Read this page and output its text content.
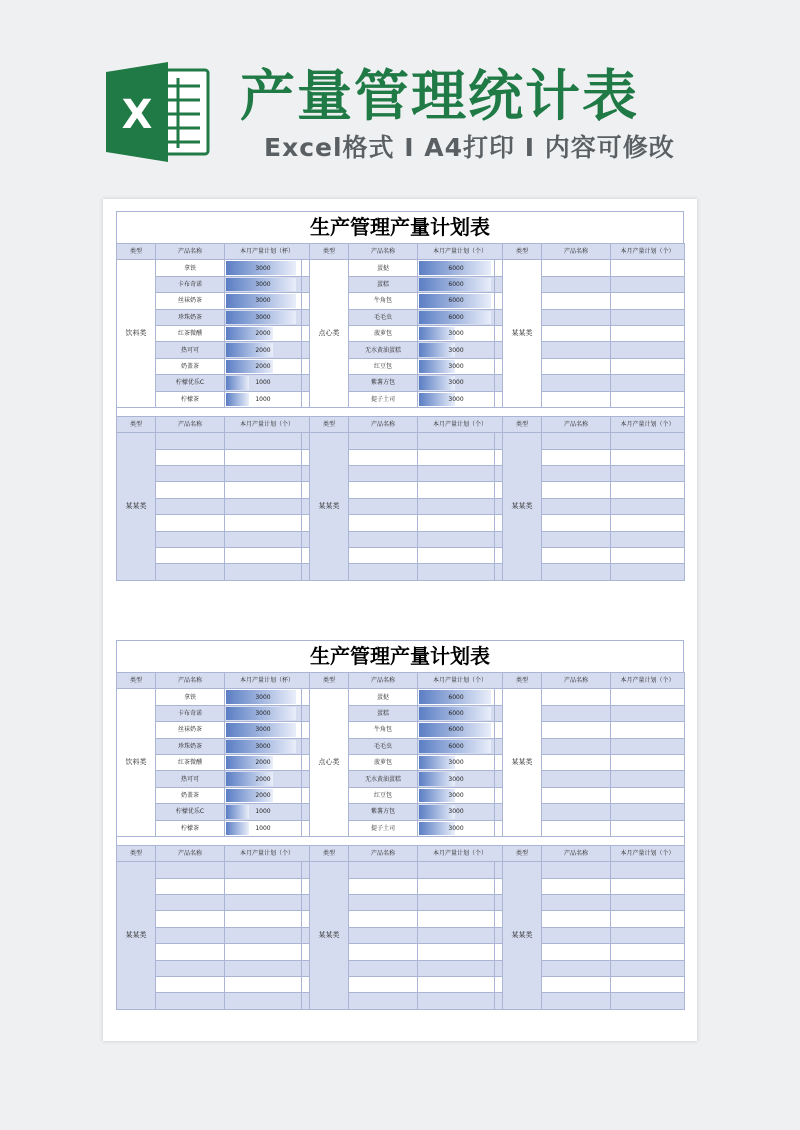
X 产量管理统计表
Excel格式 I A4打印 I 内容可修改
生产管理产量计划表
类型	产品名称	本月产量计划（杯）		类型	产品名称	本月产量计划（个）		类型	产品名称	本月产量计划（个）
饮料类	拿铁	3000		点心类	蛋挞	6000		某某类		
	卡布奇诺	3000			蛋糕	6000				
	丝袜奶茶	3000			牛角包	6000				
	珍珠奶茶	3000			毛毛虫	6000				
	红茶微醺	2000			菠萝包	3000				
	热可可	2000			无水黄油蛋糕	3000				
	奶盖茶	2000			红豆包	3000				
	柠檬优乐C	1000			紫薯方包	3000				
	柠檬茶	1000			提子土司	3000				

类型	产品名称	本月产量计划（个）		类型	产品名称	本月产量计划（个）		类型	产品名称	本月产量计划（个）
某某类				某某类				某某类		

生产管理产量计划表
类型	产品名称	本月产量计划（杯）		类型	产品名称	本月产量计划（个）		类型	产品名称	本月产量计划（个）
饮料类	拿铁	3000		点心类	蛋挞	6000		某某类		
	卡布奇诺	3000			蛋糕	6000				
	丝袜奶茶	3000			牛角包	6000				
	珍珠奶茶	3000			毛毛虫	6000				
	红茶微醺	2000			菠萝包	3000				
	热可可	2000			无水黄油蛋糕	3000				
	奶盖茶	2000			红豆包	3000				
	柠檬优乐C	1000			紫薯方包	3000				
	柠檬茶	1000			提子土司	3000				

类型	产品名称	本月产量计划（个）		类型	产品名称	本月产量计划（个）		类型	产品名称	本月产量计划（个）
某某类				某某类				某某类		
